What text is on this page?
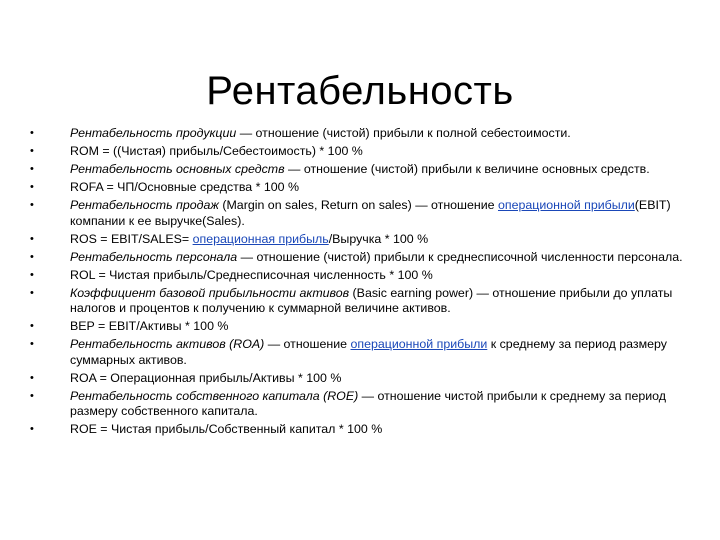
Рентабельность
•	Рентабельность продукции — отношение (чистой) прибыли к полной себестоимости.
•	ROM = ((Чистая) прибыль/Себестоимость) * 100 %
•	Рентабельность основных средств — отношение (чистой) прибыли к величине основных средств.
•	ROFA = ЧП/Основные средства * 100 %
•	Рентабельность продаж (Margin on sales, Return on sales) — отношение операционной прибыли(EBIT) компании к ее выручке(Sales).
•	ROS = EBIT/SALES= операционная прибыль/Выручка * 100 %
•	Рентабельность персонала — отношение (чистой) прибыли к среднесписочной численности персонала.
•	ROL = Чистая прибыль/Среднесписочная численность * 100 %
•	Коэффициент базовой прибыльности активов (Basic earning power) — отношение прибыли до уплаты налогов и процентов к получению к суммарной величине активов.
•	BEP = EBIT/Активы * 100 %
•	Рентабельность активов (ROA) — отношение операционной прибыли к среднему за период размеру суммарных активов.
•	ROA = Операционная прибыль/Активы * 100 %
•	Рентабельность собственного капитала (ROE) — отношение чистой прибыли к среднему за период размеру собственного капитала.
•	ROE = Чистая прибыль/Собственный капитал * 100 %
